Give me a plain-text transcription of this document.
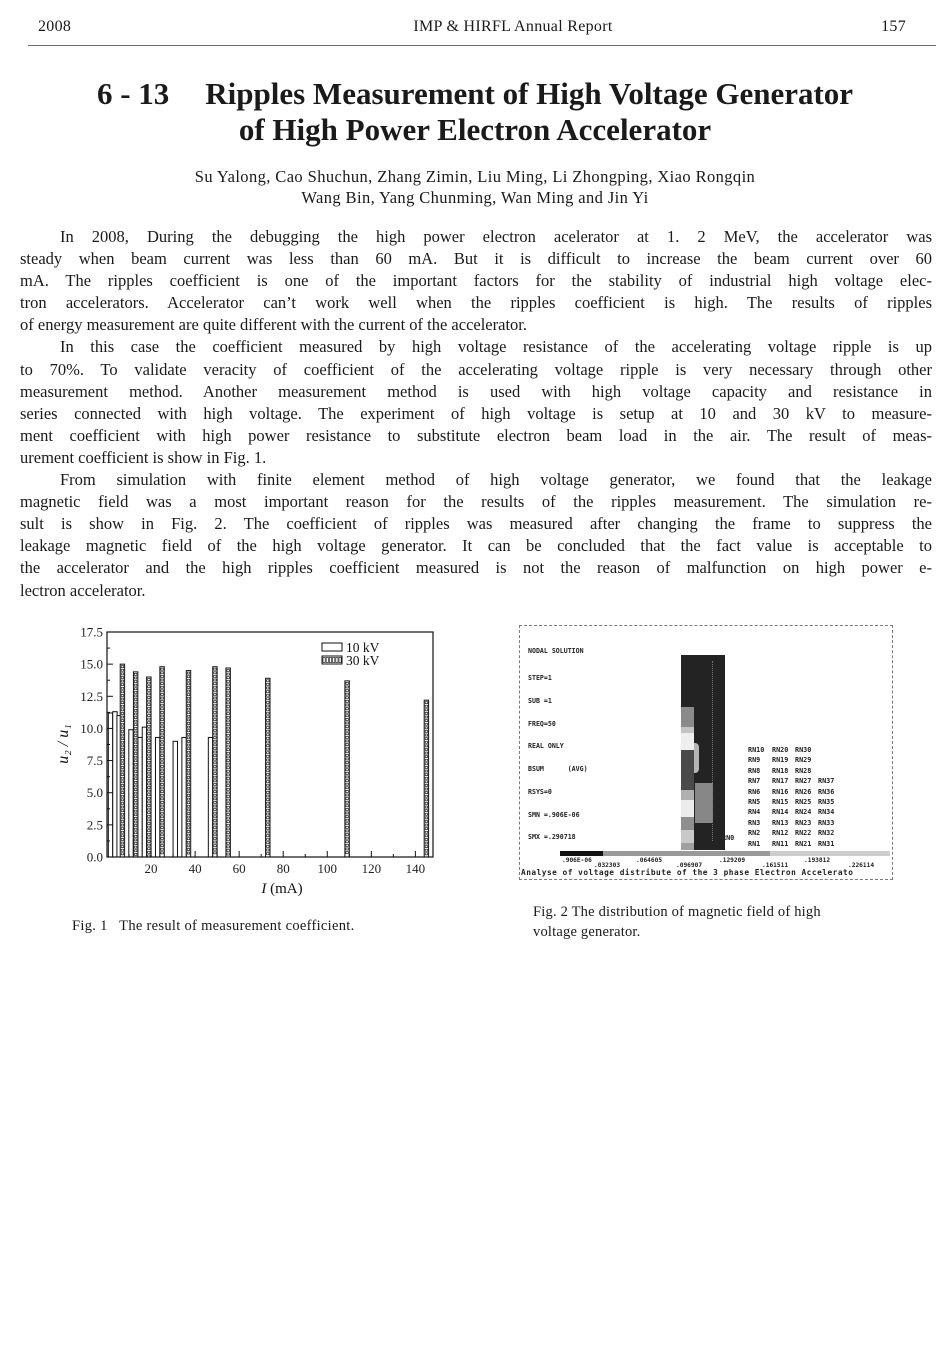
2008	IMP & HIRFL Annual Report	157
6 - 13 Ripples Measurement of High Voltage Generator
of High Power Electron Accelerator
Su Yalong, Cao Shuchun, Zhang Zimin, Liu Ming, Li Zhongping, Xiao Rongqin
Wang Bin, Yang Chunming, Wan Ming and Jin Yi
In 2008, During the debugging the high power electron acelerator at 1. 2 MeV, the accelerator was
steady when beam current was less than 60 mA. But it is difficult to increase the beam current over 60
mA. The ripples coefficient is one of the important factors for the stability of industrial high voltage elec-
tron accelerators. Accelerator can’t work well when the ripples coefficient is high. The results of ripples
of energy measurement are quite different with the current of the accelerator.
In this case the coefficient measured by high voltage resistance of the accelerating voltage ripple is up
to 70%. To validate veracity of coefficient of the accelerating voltage ripple is very necessary through other
measurement method. Another measurement method is used with high voltage capacity and resistance in
series connected with high voltage. The experiment of high voltage is setup at 10 and 30 kV to measure-
ment coefficient with high power resistance to substitute electron beam load in the air. The result of meas-
urement coefficient is show in Fig. 1.
From simulation with finite element method of high voltage generator, we found that the leakage
magnetic field was a most important reason for the results of the ripples measurement. The simulation re-
sult is show in Fig. 2. The coefficient of ripples was measured after changing the frame to suppress the
leakage magnetic field of the high voltage generator. It can be concluded that the fact value is acceptable to
the accelerator and the high ripples coefficient measured is not the reason of malfunction on high power e-
lectron accelerator.
0.0
2.5
5.0
7.5
10.0
12.5
15.0
17.5
20 40 60 80 100 120 140
I (mA)
u₂ / u₁
10 kV
30 kV
Fig. 1   The result of measurement coefficient.

NODAL SOLUTION

STEP=1

SUB =1

FREQ=50

REAL ONLY

BSUM      (AVG)

RSYS=0

SMN =.906E-06

SMX =.290718

RN10 RN20 RN30
RN9 RN19 RN29
RN8 RN18 RN28
RN7 RN17 RN27 RN37
RN6 RN16 RN26 RN36
RN5 RN15 RN25 RN35
RN4 RN14 RN24 RN34
RN3 RN13 RN23 RN33
RN2 RN12 RN22 RN32
RN1 RN11 RN21 RN31
RN0
.906E-06
.032303
.064605
.096907
.129209
.161511
.193812
.226114
Analyse of voltage distribute of the 3 phase Electron Accelerato
Fig. 2 The distribution of magnetic field of high
voltage generator.
